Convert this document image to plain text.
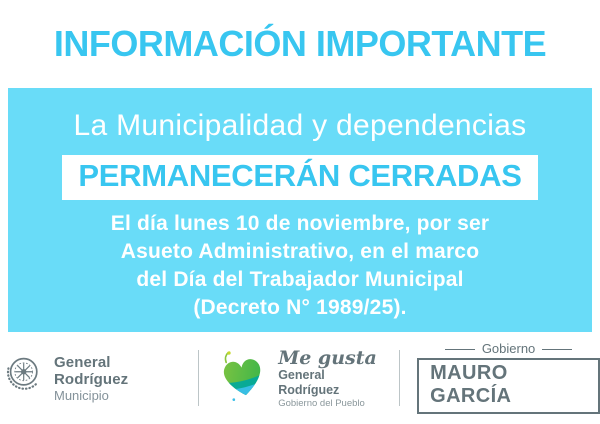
INFORMACIÓN IMPORTANTE
La Municipalidad y dependencias
PERMANECERÁN CERRADAS
El día lunes 10 de noviembre, por ser
Asueto Administrativo, en el marco
del Día del Trabajador Municipal
(Decreto N° 1989/25).
General Rodríguez
Municipio
Me gusta
General Rodríguez
Gobierno del Pueblo
Gobierno
MAURO GARCÍA
